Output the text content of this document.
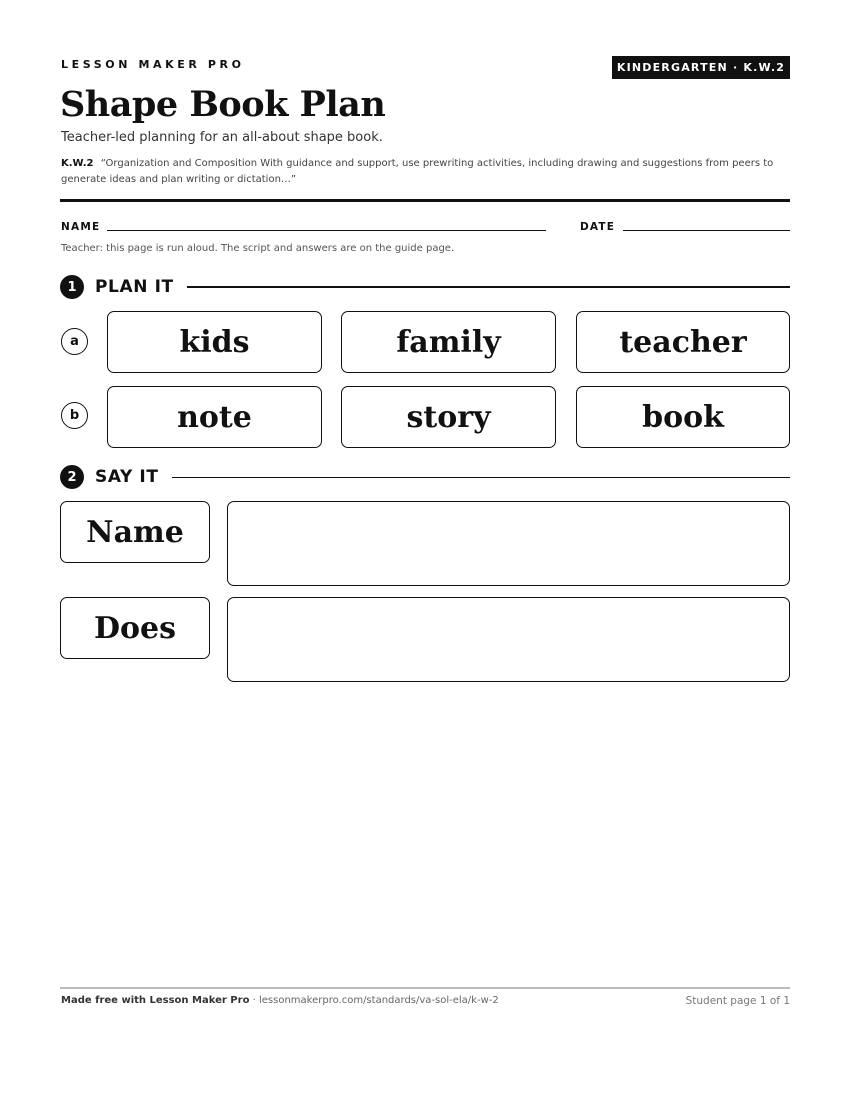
LESSON MAKER PRO	KINDERGARTEN · K.W.2
Shape Book Plan
Teacher-led planning for an all-about shape book.
K.W.2 “Organization and Composition With guidance and support, use prewriting activities, including drawing and suggestions from peers to generate ideas and plan writing or dictation…”
NAME	DATE
Teacher: this page is run aloud. The script and answers are on the guide page.
1	PLAN IT
a	kids	family	teacher
b	note	story	book
2	SAY IT
Name
Does
Made free with Lesson Maker Pro · lessonmakerpro.com/standards/va-sol-ela/k-w-2	Student page 1 of 1
